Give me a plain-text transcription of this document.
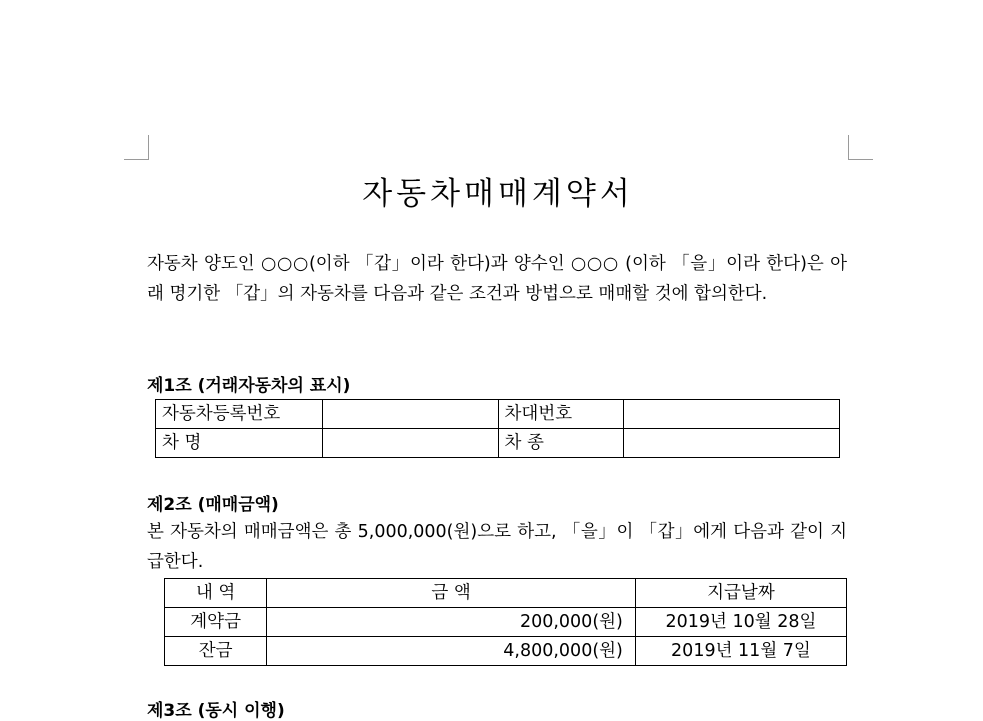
자동차매매계약서
자동차 양도인 ○○○(이하 「갑」이라 한다)과 양수인 ○○○ (이하 「을」이라 한다)은 아래 명기한 「갑」의 자동차를 다음과 같은 조건과 방법으로 매매할 것에 합의한다.
제1조 (거래자동차의 표시)
자동차등록번호		차대번호	
차 명		차 종	
제2조 (매매금액)
본 자동차의 매매금액은 총 5,000,000(원)으로 하고, 「을」이 「갑」에게 다음과 같이 지급한다.
내 역	금 액	지급날짜
계약금	200,000(원)	2019년 10월 28일
잔금	4,800,000(원)	2019년 11월 7일
제3조 (동시 이행)
